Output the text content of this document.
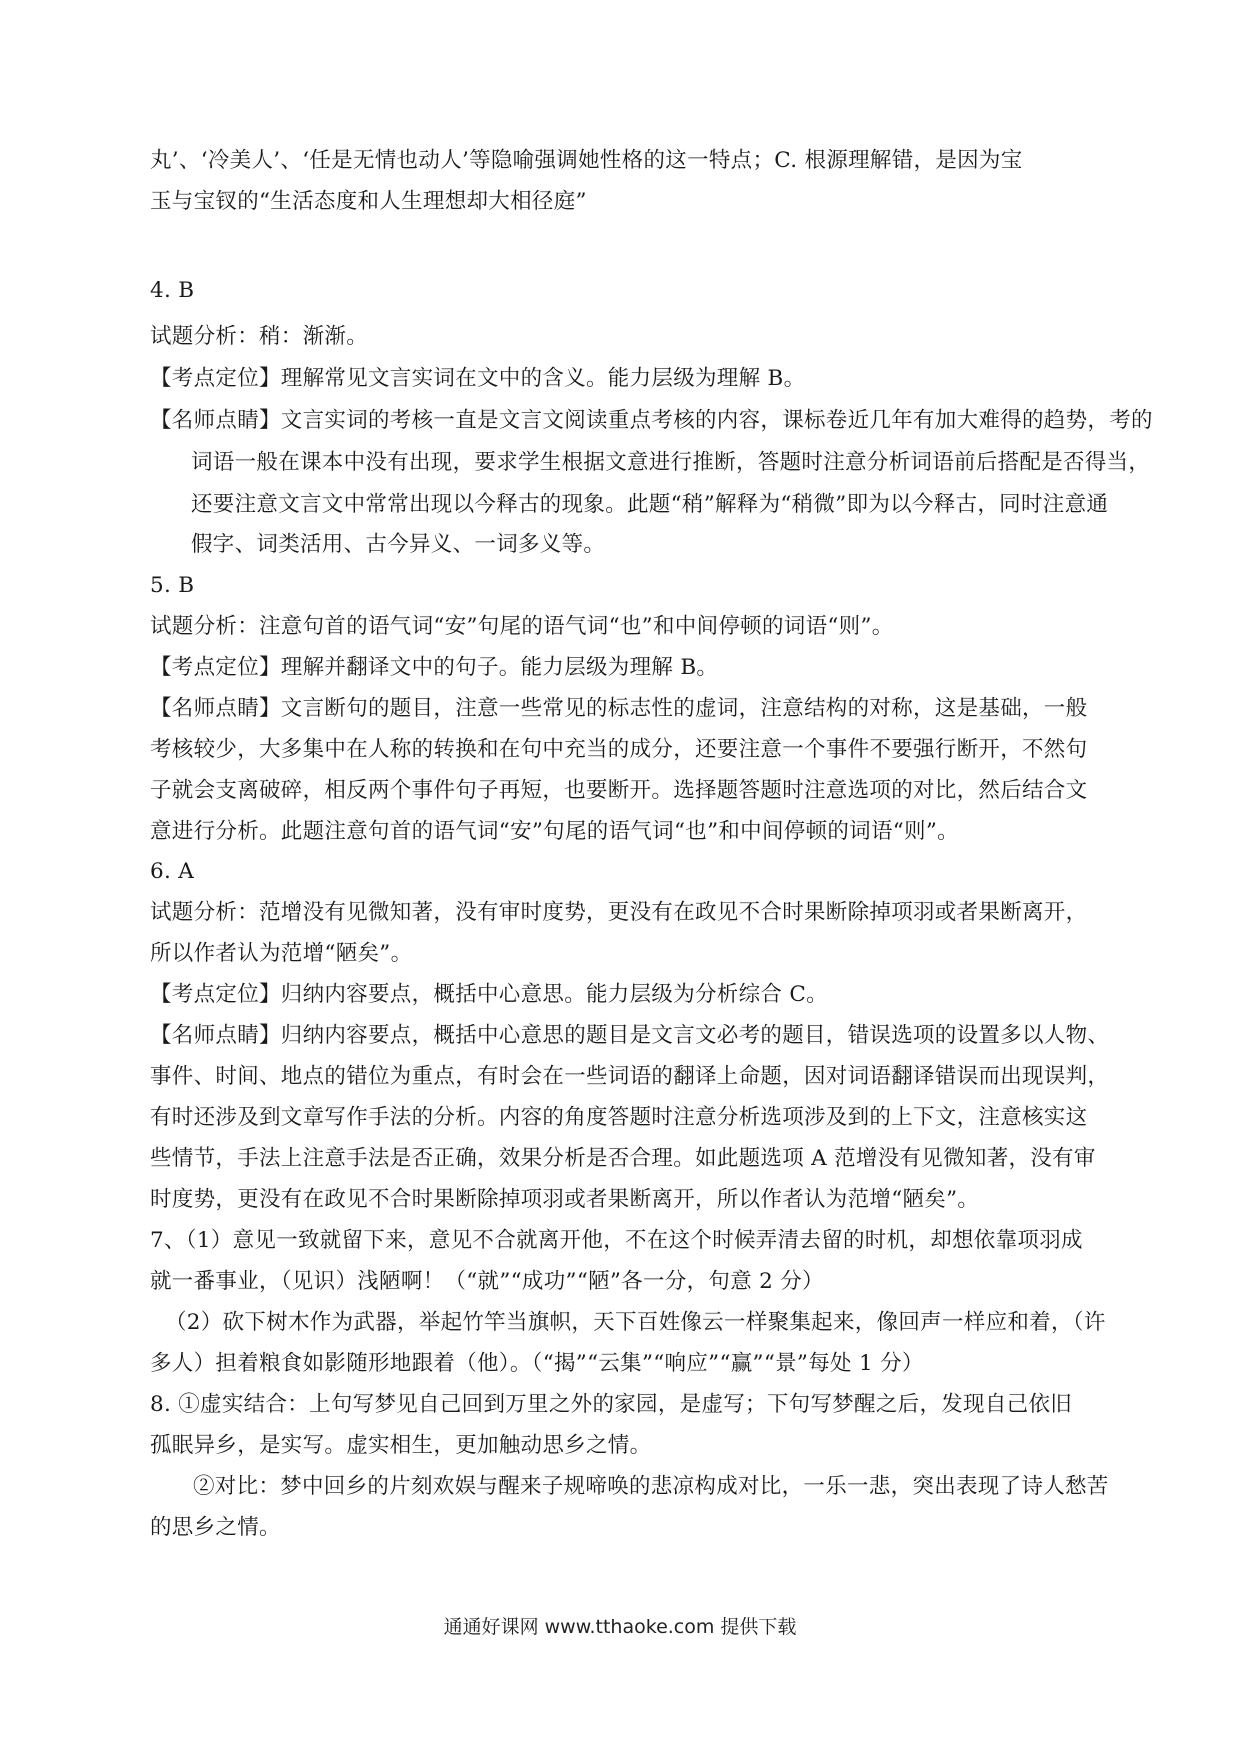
丸’、‘冷美人’、‘任是无情也动人’等隐喻强调她性格的这一特点；C. 根源理解错，是因为宝
玉与宝钗的“生活态度和人生理想却大相径庭”
4. B
试题分析：稍：渐渐。
【考点定位】理解常见文言实词在文中的含义。能力层级为理解 B。
【名师点睛】文言实词的考核一直是文言文阅读重点考核的内容，课标卷近几年有加大难得的趋势，考的
词语一般在课本中没有出现，要求学生根据文意进行推断，答题时注意分析词语前后搭配是否得当，
还要注意文言文中常常出现以今释古的现象。此题“稍”解释为“稍微”即为以今释古，同时注意通
假字、词类活用、古今异义、一词多义等。
5. B
试题分析：注意句首的语气词“安”句尾的语气词“也”和中间停顿的词语“则”。
【考点定位】理解并翻译文中的句子。能力层级为理解 B。
【名师点睛】文言断句的题目，注意一些常见的标志性的虚词，注意结构的对称，这是基础，一般
考核较少，大多集中在人称的转换和在句中充当的成分，还要注意一个事件不要强行断开，不然句
子就会支离破碎，相反两个事件句子再短，也要断开。选择题答题时注意选项的对比，然后结合文
意进行分析。此题注意句首的语气词“安”句尾的语气词“也”和中间停顿的词语“则”。
6. A
试题分析：范增没有见微知著，没有审时度势，更没有在政见不合时果断除掉项羽或者果断离开，
所以作者认为范增“陋矣”。
【考点定位】归纳内容要点，概括中心意思。能力层级为分析综合 C。
【名师点睛】归纳内容要点，概括中心意思的题目是文言文必考的题目，错误选项的设置多以人物、
事件、时间、地点的错位为重点，有时会在一些词语的翻译上命题，因对词语翻译错误而出现误判，
有时还涉及到文章写作手法的分析。内容的角度答题时注意分析选项涉及到的上下文，注意核实这
些情节，手法上注意手法是否正确，效果分析是否合理。如此题选项 A 范增没有见微知著，没有审
时度势，更没有在政见不合时果断除掉项羽或者果断离开，所以作者认为范增“陋矣”。
7、（1）意见一致就留下来，意见不合就离开他，不在这个时候弄清去留的时机，却想依靠项羽成
就一番事业，（见识）浅陋啊！（“就”“成功”“陋”各一分，句意 2 分）
（2）砍下树木作为武器，举起竹竿当旗帜，天下百姓像云一样聚集起来，像回声一样应和着，（许
多人）担着粮食如影随形地跟着（他）。（“揭”“云集”“响应”“赢”“景”每处 1 分）
8. ①虚实结合：上句写梦见自己回到万里之外的家园，是虚写；下句写梦醒之后，发现自己依旧
孤眠异乡，是实写。虚实相生，更加触动思乡之情。
②对比：梦中回乡的片刻欢娱与醒来子规啼唤的悲凉构成对比，一乐一悲，突出表现了诗人愁苦
的思乡之情。
通通好课网 www.tthaoke.com 提供下载
